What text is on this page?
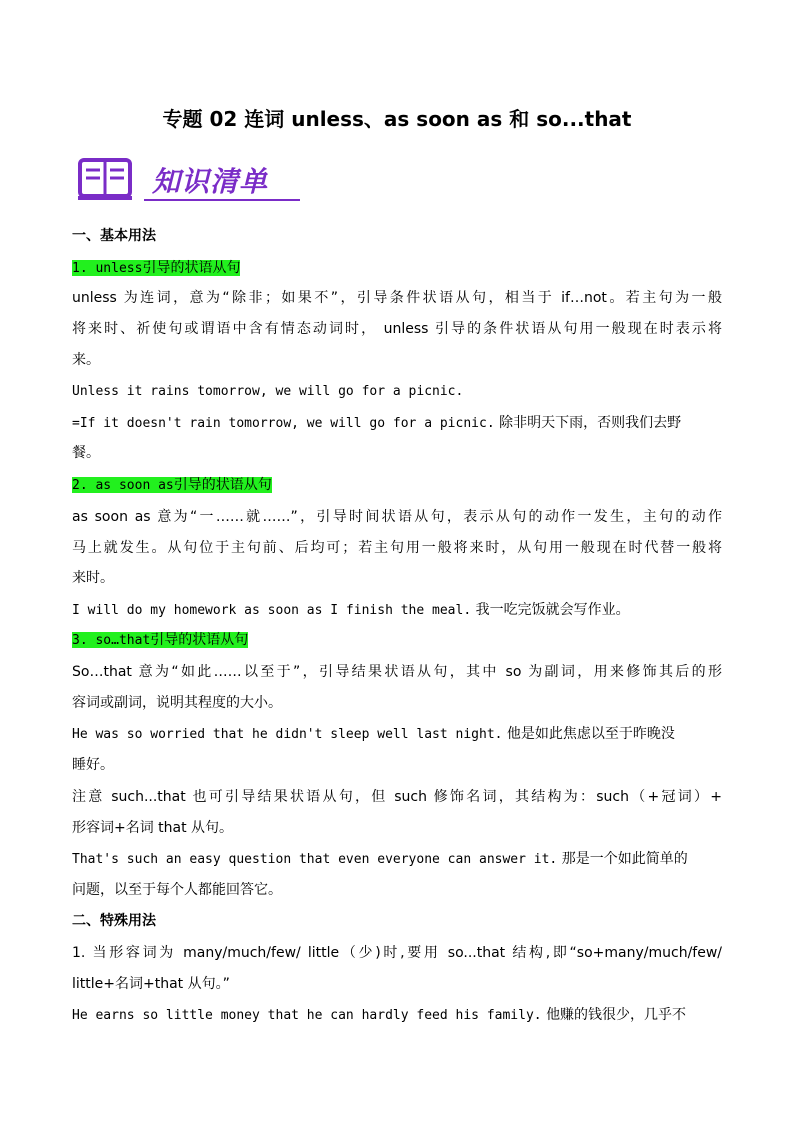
专题 02 连词 unless、as soon as 和 so...that
知识清单
一、基本用法
1. unless引导的状语从句
unless 为连词，意为“除非；如果不”，引导条件状语从句，相当于 if…not。若主句为一般
将来时、祈使句或谓语中含有情态动词时， unless 引导的条件状语从句用一般现在时表示将
来。
Unless it rains tomorrow, we will go for a picnic.
=If it doesn't rain tomorrow, we will go for a picnic. 除非明天下雨，否则我们去野
餐。
2. as soon as引导的状语从句
as soon as 意为“一……就……”，引导时间状语从句，表示从句的动作一发生，主句的动作
马上就发生。从句位于主句前、后均可；若主句用一般将来时，从句用一般现在时代替一般将
来时。
I will do my homework as soon as I finish the meal. 我一吃完饭就会写作业。
3. so…that引导的状语从句
So…that 意为“如此……以至于”，引导结果状语从句，其中 so 为副词，用来修饰其后的形
容词或副词，说明其程度的大小。
He was so worried that he didn't sleep well last night. 他是如此焦虑以至于昨晚没
睡好。
注意 such...that 也可引导结果状语从句，但 such 修饰名词，其结构为：such（+冠词）+
形容词+名词 that 从句。
That's such an easy question that even everyone can answer it. 那是一个如此简单的
问题，以至于每个人都能回答它。
二、特殊用法
1. 当形容词为 many/much/few/ little（少)时,要用 so...that 结构,即“so+many/much/few/
little+名词+that 从句。”
He earns so little money that he can hardly feed his family. 他赚的钱很少，几乎不
